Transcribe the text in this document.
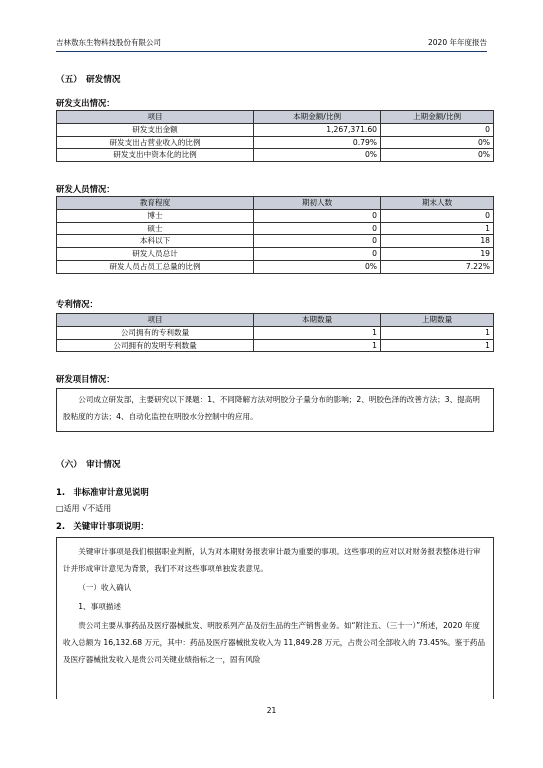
吉林敖东生物科技股份有限公司	2020 年年度报告
（五）　研发情况
研发支出情况：
项目	本期金额/比例	上期金额/比例
研发支出金额	1,267,371.60	0
研发支出占营业收入的比例	0.79%	0%
研发支出中资本化的比例	0%	0%
研发人员情况：
教育程度	期初人数	期末人数
博士	0	0
硕士	0	1
本科以下	0	18
研发人员总计	0	19
研发人员占员工总量的比例	0%	7.22%
专利情况：
项目	本期数量	上期数量
公司拥有的专利数量	1	1
公司拥有的发明专利数量	1	1
研发项目情况：

公司成立研发部，主要研究以下课题：1、不同降解方法对明胶分子量分布的影响；2、明胶色泽的改善方法；3、提高明胶粘度的方法；4、自动化监控在明胶水分控制中的应用。

（六）　审计情况
1.　非标准审计意见说明
□适用 √不适用
2.　关键审计事项说明：

关键审计事项是我们根据职业判断，认为对本期财务报表审计最为重要的事项。这些事项的应对以对财务报表整体进行审计并形成审计意见为背景，我们不对这些事项单独发表意见。

（一）收入确认

1、事项描述

贵公司主要从事药品及医疗器械批发、明胶系列产品及衍生品的生产销售业务。如“附注五、（三十一）”所述，2020 年度收入总额为 16,132.68 万元，其中：药品及医疗器械批发收入为 11,849.28 万元，占贵公司全部收入的 73.45%。鉴于药品及医疗器械批发收入是贵公司关键业绩指标之一，固有风险

21
